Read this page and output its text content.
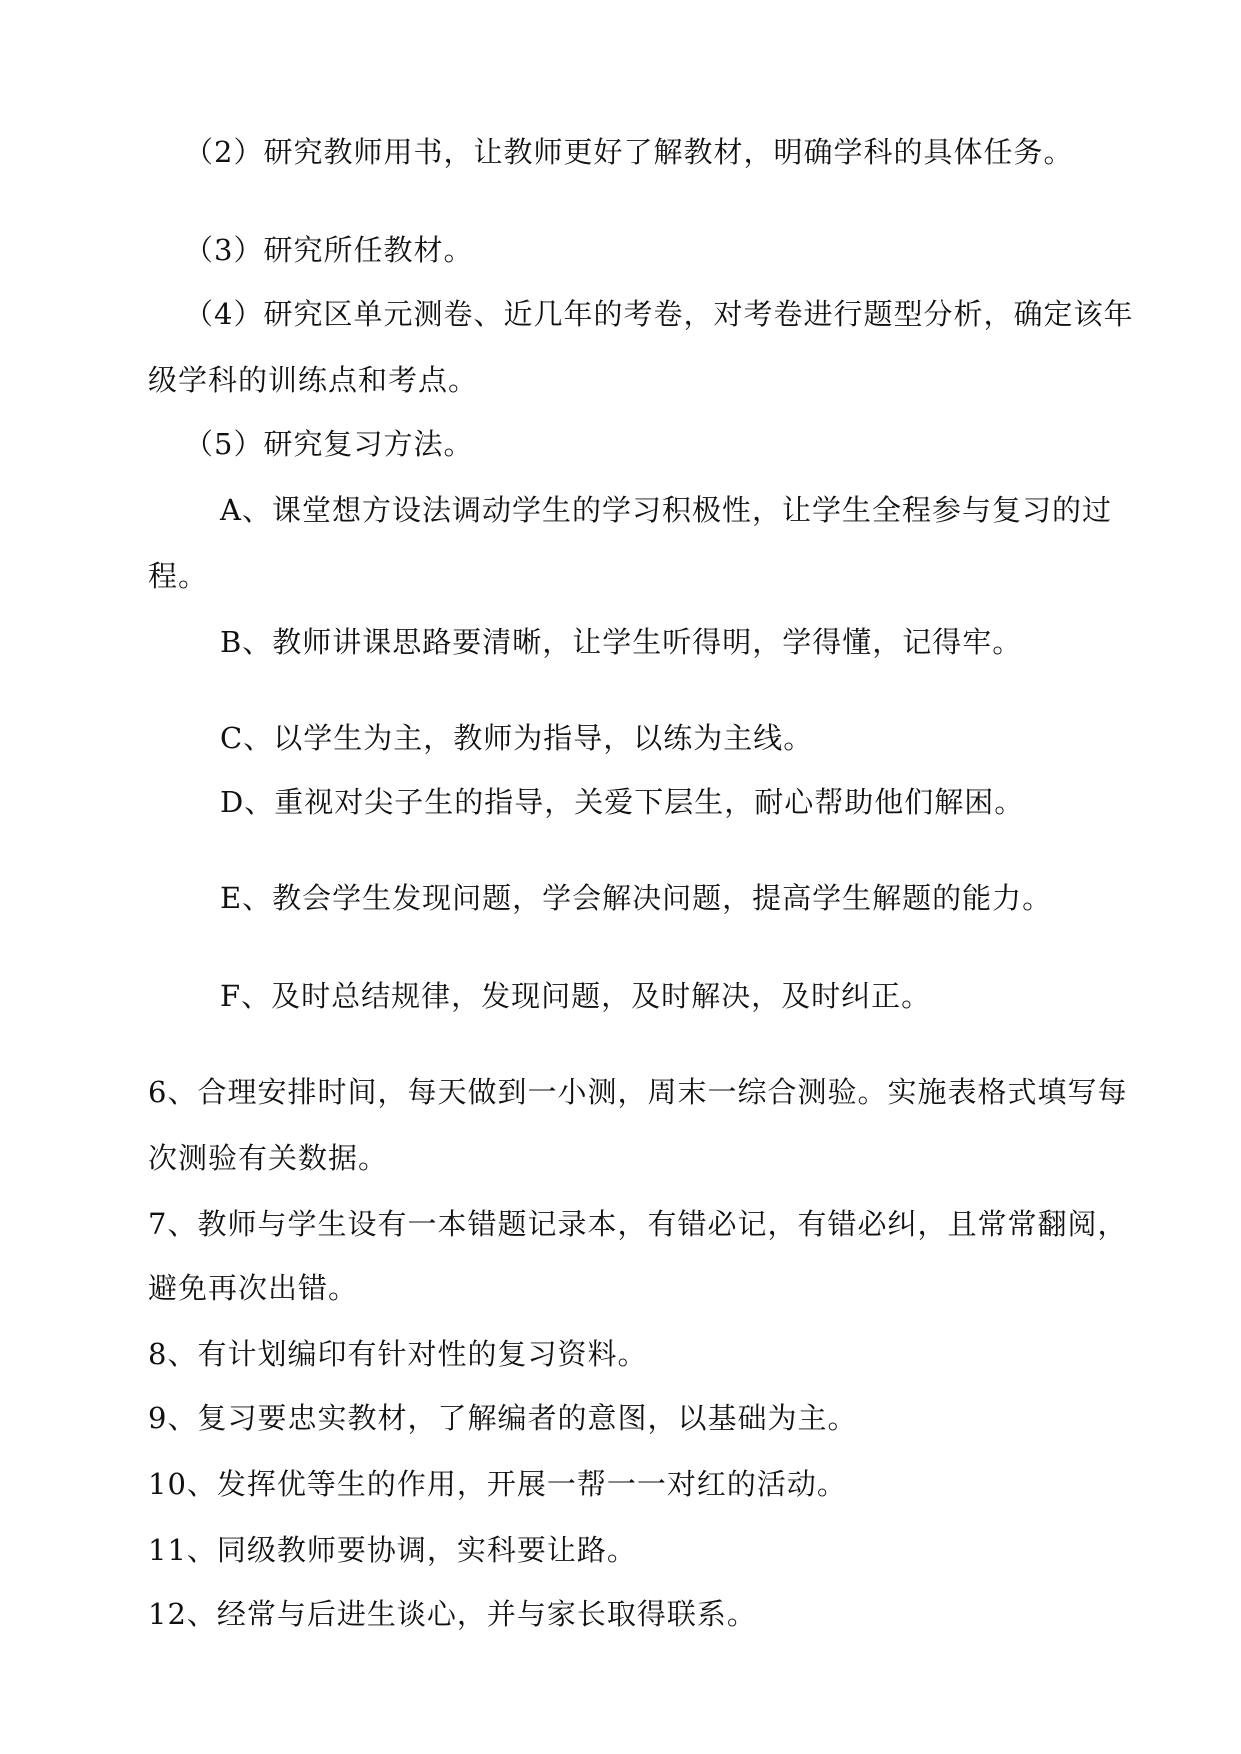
（2）研究教师用书，让教师更好了解教材，明确学科的具体任务。
（3）研究所任教材。
（4）研究区单元测卷、近几年的考卷，对考卷进行题型分析，确定该年
级学科的训练点和考点。
（5）研究复习方法。
A、课堂想方设法调动学生的学习积极性，让学生全程参与复习的过
程。
B、教师讲课思路要清晰，让学生听得明，学得懂，记得牢。
C、以学生为主，教师为指导，以练为主线。
D、重视对尖子生的指导，关爱下层生，耐心帮助他们解困。
E、教会学生发现问题，学会解决问题，提高学生解题的能力。
F、及时总结规律，发现问题，及时解决，及时纠正。
6、合理安排时间，每天做到一小测，周末一综合测验。实施表格式填写每
次测验有关数据。
7、教师与学生设有一本错题记录本，有错必记，有错必纠，且常常翻阅，
避免再次出错。
8、有计划编印有针对性的复习资料。
9、复习要忠实教材，了解编者的意图，以基础为主。
10、发挥优等生的作用，开展一帮一一对红的活动。
11、同级教师要协调，实科要让路。
12、经常与后进生谈心，并与家长取得联系。
